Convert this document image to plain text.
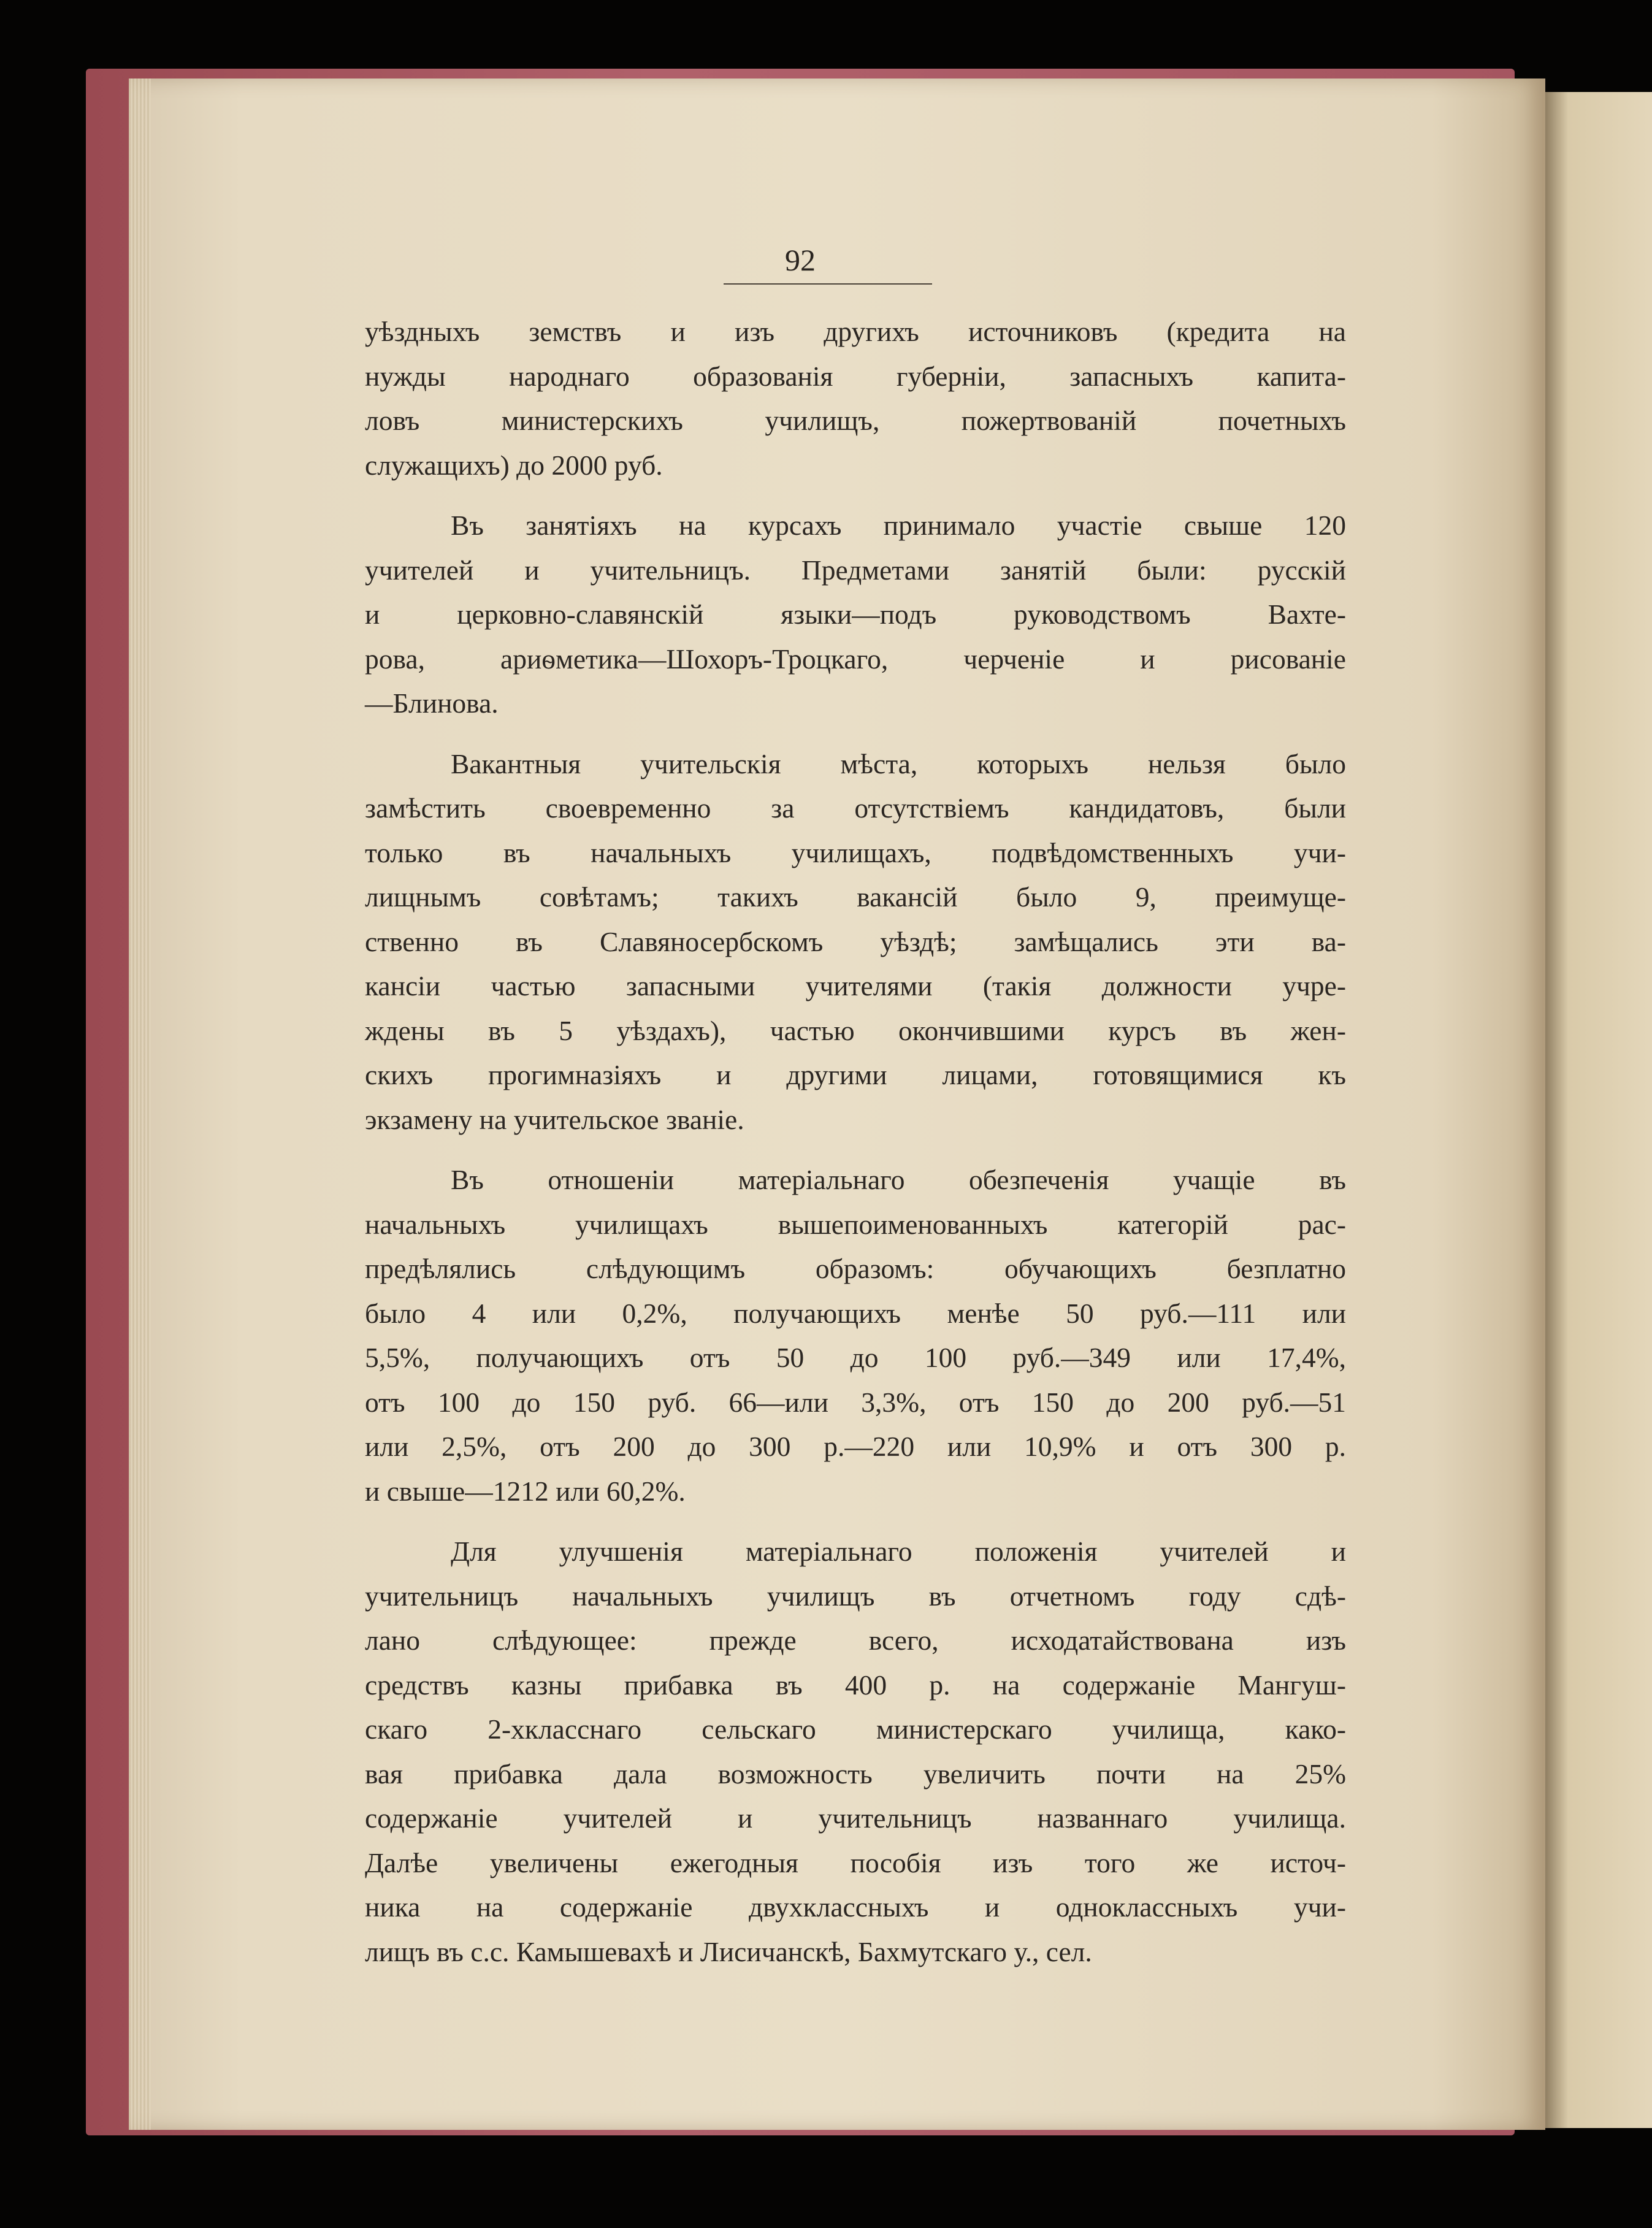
92

уѣздныхъ земствъ и изъ другихъ источниковъ (кредита на
нужды народнаго образованія губерніи, запасныхъ капита-
ловъ министерскихъ училищъ, пожертвованій почетныхъ
служащихъ) до 2000 руб.

Въ занятіяхъ на курсахъ принимало участіе свыше 120
учителей и учительницъ. Предметами занятій были: русскій
и церковно-славянскій языки—подъ руководствомъ Вахте-
рова, ариѳметика—Шохоръ-Троцкаго, черченіе и рисованіе
—Блинова.

Вакантныя учительскія мѣста, которыхъ нельзя было
замѣстить своевременно за отсутствіемъ кандидатовъ, были
только въ начальныхъ училищахъ, подвѣдомственныхъ учи-
лищнымъ совѣтамъ; такихъ вакансій было 9, преимуще-
ственно въ Славяносербскомъ уѣздѣ; замѣщались эти ва-
кансіи частью запасными учителями (такія должности учре-
ждены въ 5 уѣздахъ), частью окончившими курсъ въ жен-
скихъ прогимназіяхъ и другими лицами, готовящимися къ
экзамену на учительское званіе.

Въ отношеніи матеріальнаго обезпеченія учащіе въ
начальныхъ училищахъ вышепоименованныхъ категорій рас-
предѣлялись слѣдующимъ образомъ: обучающихъ безплатно
было 4 или 0,2%, получающихъ менѣе 50 руб.—111 или
5,5%, получающихъ отъ 50 до 100 руб.—349 или 17,4%,
отъ 100 до 150 руб. 66—или 3,3%, отъ 150 до 200 руб.—51
или 2,5%, отъ 200 до 300 р.—220 или 10,9% и отъ 300 р.
и свыше—1212 или 60,2%.

Для улучшенія матеріальнаго положенія учителей и
учительницъ начальныхъ училищъ въ отчетномъ году сдѣ-
лано слѣдующее: прежде всего, исходатайствована изъ
средствъ казны прибавка въ 400 р. на содержаніе Мангуш-
скаго 2-хкласснаго сельскаго министерскаго училища, како-
вая прибавка дала возможность увеличить почти на 25%
содержаніе учителей и учительницъ названнаго училища.
Далѣе увеличены ежегодныя пособія изъ того же источ-
ника на содержаніе двухклассныхъ и одноклассныхъ учи-
лищъ въ с.с. Камышевахѣ и Лисичанскѣ, Бахмутскаго у., сел.
